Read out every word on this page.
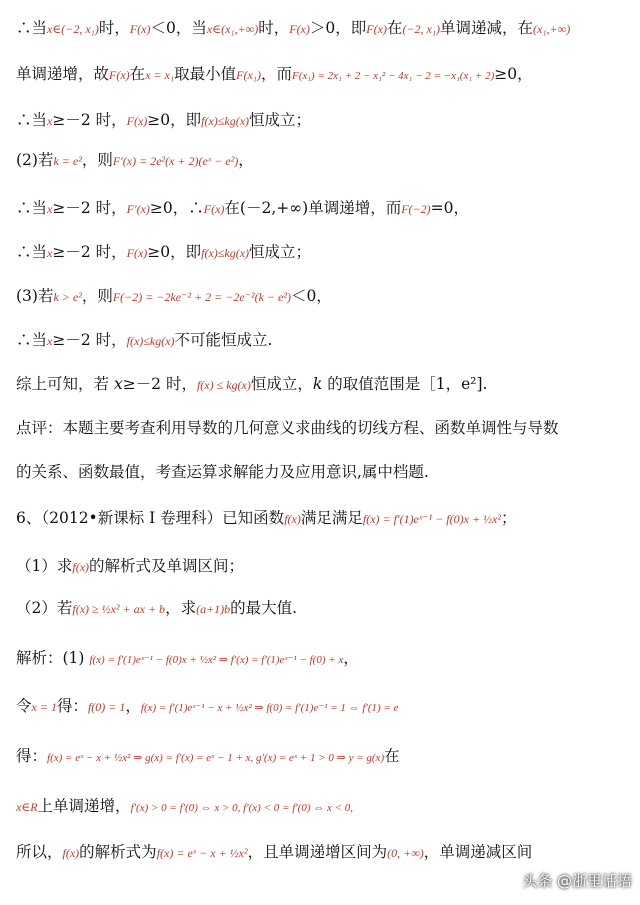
∴当x∈(−2, x₁)时，F(x)＜0，当x∈(x₁,+∞)时，F(x)＞0，即F(x)在(−2, x₁)单调递减，在(x₁,+∞)
单调递增，故F(x)在x = x₁取最小值F(x₁)，而F(x₁) = 2x₁ + 2 − x₁² − 4x₁ − 2 = −x₁(x₁ + 2)≥0，
∴当x≥－2 时，F(x)≥0，即f(x)≤kg(x)恒成立；
(2)若k = e²，则F′(x) = 2e²(x + 2)(eˣ − e²)，
∴当x≥－2 时，F′(x)≥0，∴F(x)在(－2,+∞)单调递增，而F(−2)=0，
∴当x≥－2 时，F(x)≥0，即f(x)≤kg(x)恒成立；
(3)若k > e²，则F(−2) = −2ke⁻² + 2 = −2e⁻²(k − e²)＜0，
∴当x≥－2 时，f(x)≤kg(x)不可能恒成立.
综上可知，若 x≥－2 时，f(x) ≤ kg(x)恒成立，k 的取值范围是［1，e²].
点评：本题主要考查利用导数的几何意义求曲线的切线方程、函数单调性与导数
的关系、函数最值，考查运算求解能力及应用意识,属中档题.
6、（2012•新课标 I 卷理科）已知函数f(x)满足满足f(x) = f′(1)eˣ⁻¹ − f(0)x + ½x²；
（1）求f(x)的解析式及单调区间；
（2）若f(x) ≥ ½x² + ax + b，求(a+1)b的最大值.
解析：(1) f(x) = f′(1)eˣ⁻¹ − f(0)x + ½x² ⇒ f′(x) = f′(1)eˣ⁻¹ − f(0) + x，
令x = 1得：f(0) = 1，f(x) = f′(1)eˣ⁻¹ − x + ½x² ⇒ f(0) = f′(1)e⁻¹ = 1 ⇔ f′(1) = e
得：f(x) = eˣ − x + ½x² ⇒ g(x) = f′(x) = eˣ − 1 + x, g′(x) = eˣ + 1 > 0 ⇒ y = g(x)在
x∈R上单调递增，f′(x) > 0 = f′(0) ⇔ x > 0, f′(x) < 0 = f′(0) ⇔ x < 0,
所以，f(x)的解析式为f(x) = eˣ − x + ½x²，且单调递增区间为(0, +∞)，单调递减区间
头条 @浙里话语
